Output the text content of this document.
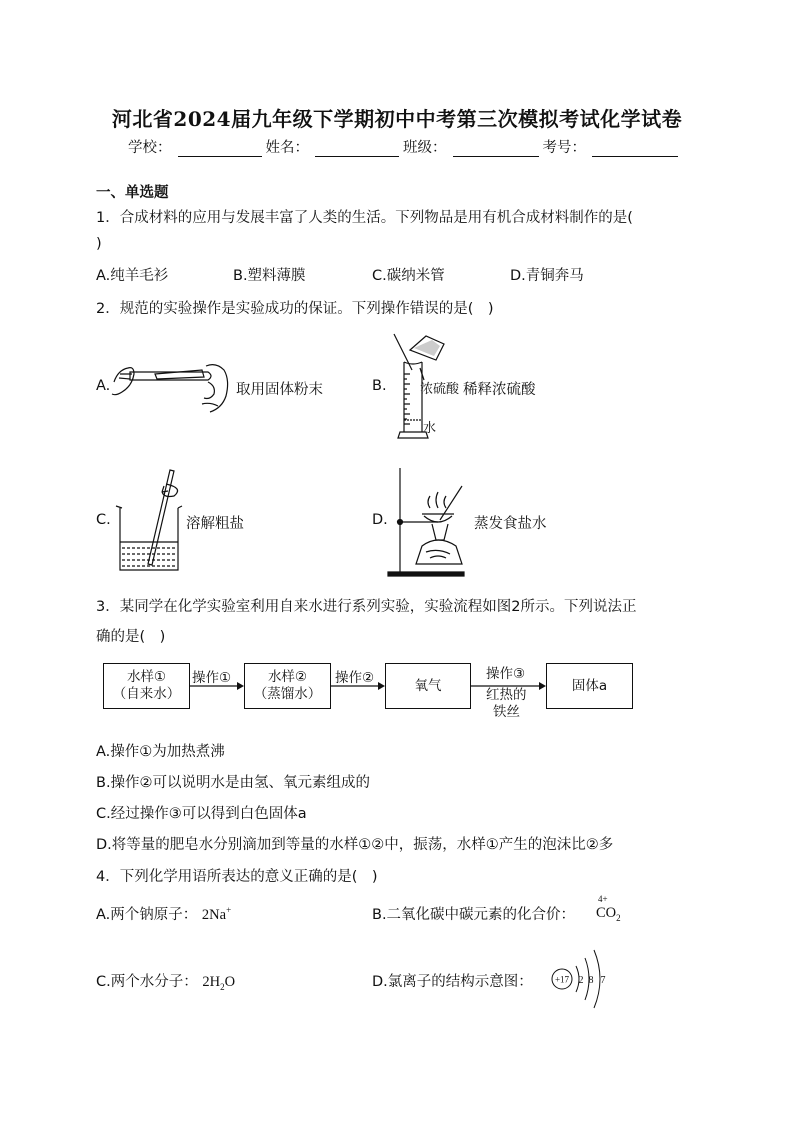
河北省2024届九年级下学期初中中考第三次模拟考试化学试卷
学校：	姓名：	班级：	考号：
一、单选题
1．合成材料的应用与发展丰富了人类的生活。下列物品是用有机合成材料制作的是(
)
A.纯羊毛衫	B.塑料薄膜	C.碳纳米管	D.青铜奔马
2．规范的实验操作是实验成功的保证。下列操作错误的是(　)
A.	取用固体粉末	B.	浓硫酸 稀释浓硫酸
水
C.	溶解粗盐	D.	蒸发食盐水
3．某同学在化学实验室利用自来水进行系列实验，实验流程如图2所示。下列说法正
确的是(　)
水样①
（自来水）
操作①	水样②
（蒸馏水）
操作②	氧气
操作③
红热的
铁丝
固体a
A.操作①为加热煮沸
B.操作②可以说明水是由氢、氧元素组成的
C.经过操作③可以得到白色固体a
D.将等量的肥皂水分别滴加到等量的水样①②中，振荡，水样①产生的泡沫比②多
4．下列化学用语所表达的意义正确的是(　)
A.两个钠原子： 2Na+	B.二氧化碳中碳元素的化合价：
4+
$CO_2$
C.两个水分子： $2H_2O$	D.氯离子的结构示意图： +17 2 8 7
